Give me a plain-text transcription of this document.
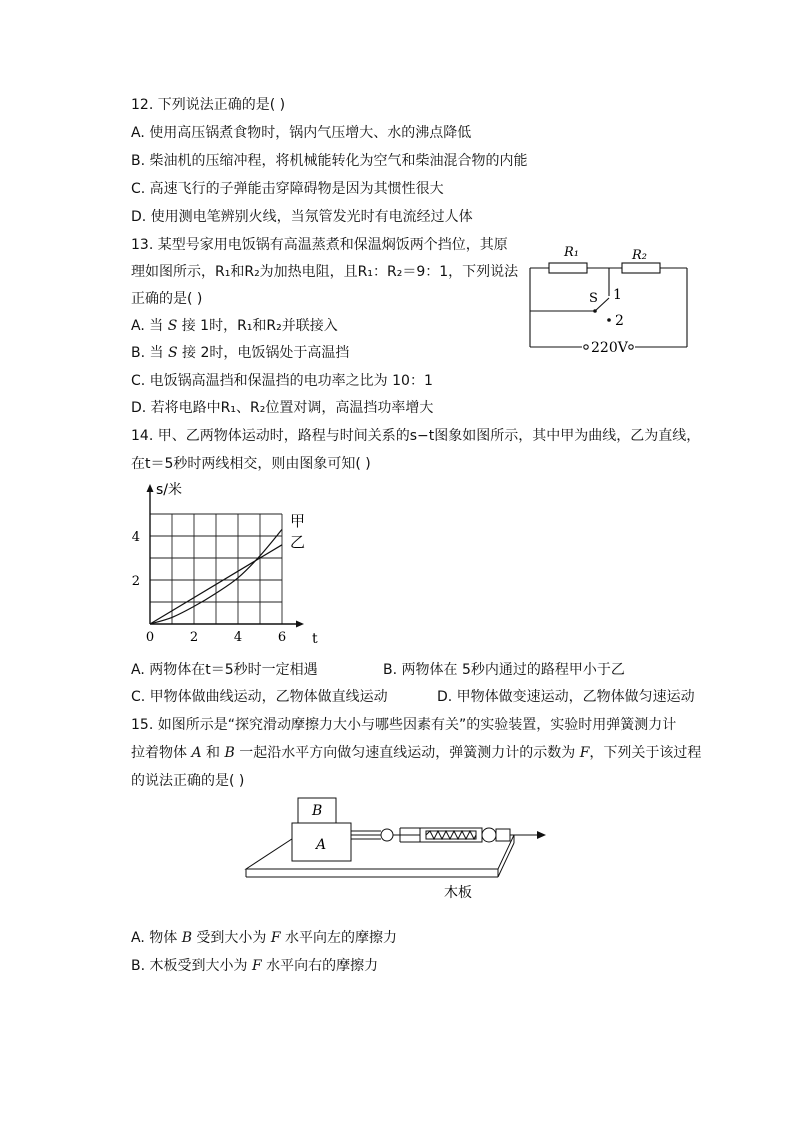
12. 下列说法正确的是( )
A. 使用高压锅煮食物时，锅内气压增大、水的沸点降低
B. 柴油机的压缩冲程，将机械能转化为空气和柴油混合物的内能
C. 高速飞行的子弹能击穿障碍物是因为其惯性很大
D. 使用测电笔辨别火线，当氖管发光时有电流经过人体
13. 某型号家用电饭锅有高温蒸煮和保温焖饭两个挡位，其原
理如图所示，R₁和R₂为加热电阻，且R₁：R₂＝9：1，下列说法
正确的是( )
A. 当 S 接 1时，R₁和R₂并联接入
B. 当 S 接 2时，电饭锅处于高温挡
C. 电饭锅高温挡和保温挡的电功率之比为 10：1
D. 若将电路中R₁、R₂位置对调，高温挡功率增大
R₁	R₂
S 1
2
220V
14. 甲、乙两物体运动时，路程与时间关系的s−t图象如图所示，其中甲为曲线，乙为直线，
在t＝5秒时两线相交，则由图象可知( )
甲
乙
0	2	4	6
2
4
s/米
t
A. 两物体在t＝5秒时一定相遇	B. 两物体在 5秒内通过的路程甲小于乙
C. 甲物体做曲线运动，乙物体做直线运动	D. 甲物体做变速运动，乙物体做匀速运动
15. 如图所示是“探究滑动摩擦力大小与哪些因素有关”的实验装置，实验时用弹簧测力计
拉着物体 A 和 B 一起沿水平方向做匀速直线运动，弹簧测力计的示数为 F，下列关于该过程
的说法正确的是( )
B
A
木板
A. 物体 B 受到大小为 F 水平向左的摩擦力
B. 木板受到大小为 F 水平向右的摩擦力
